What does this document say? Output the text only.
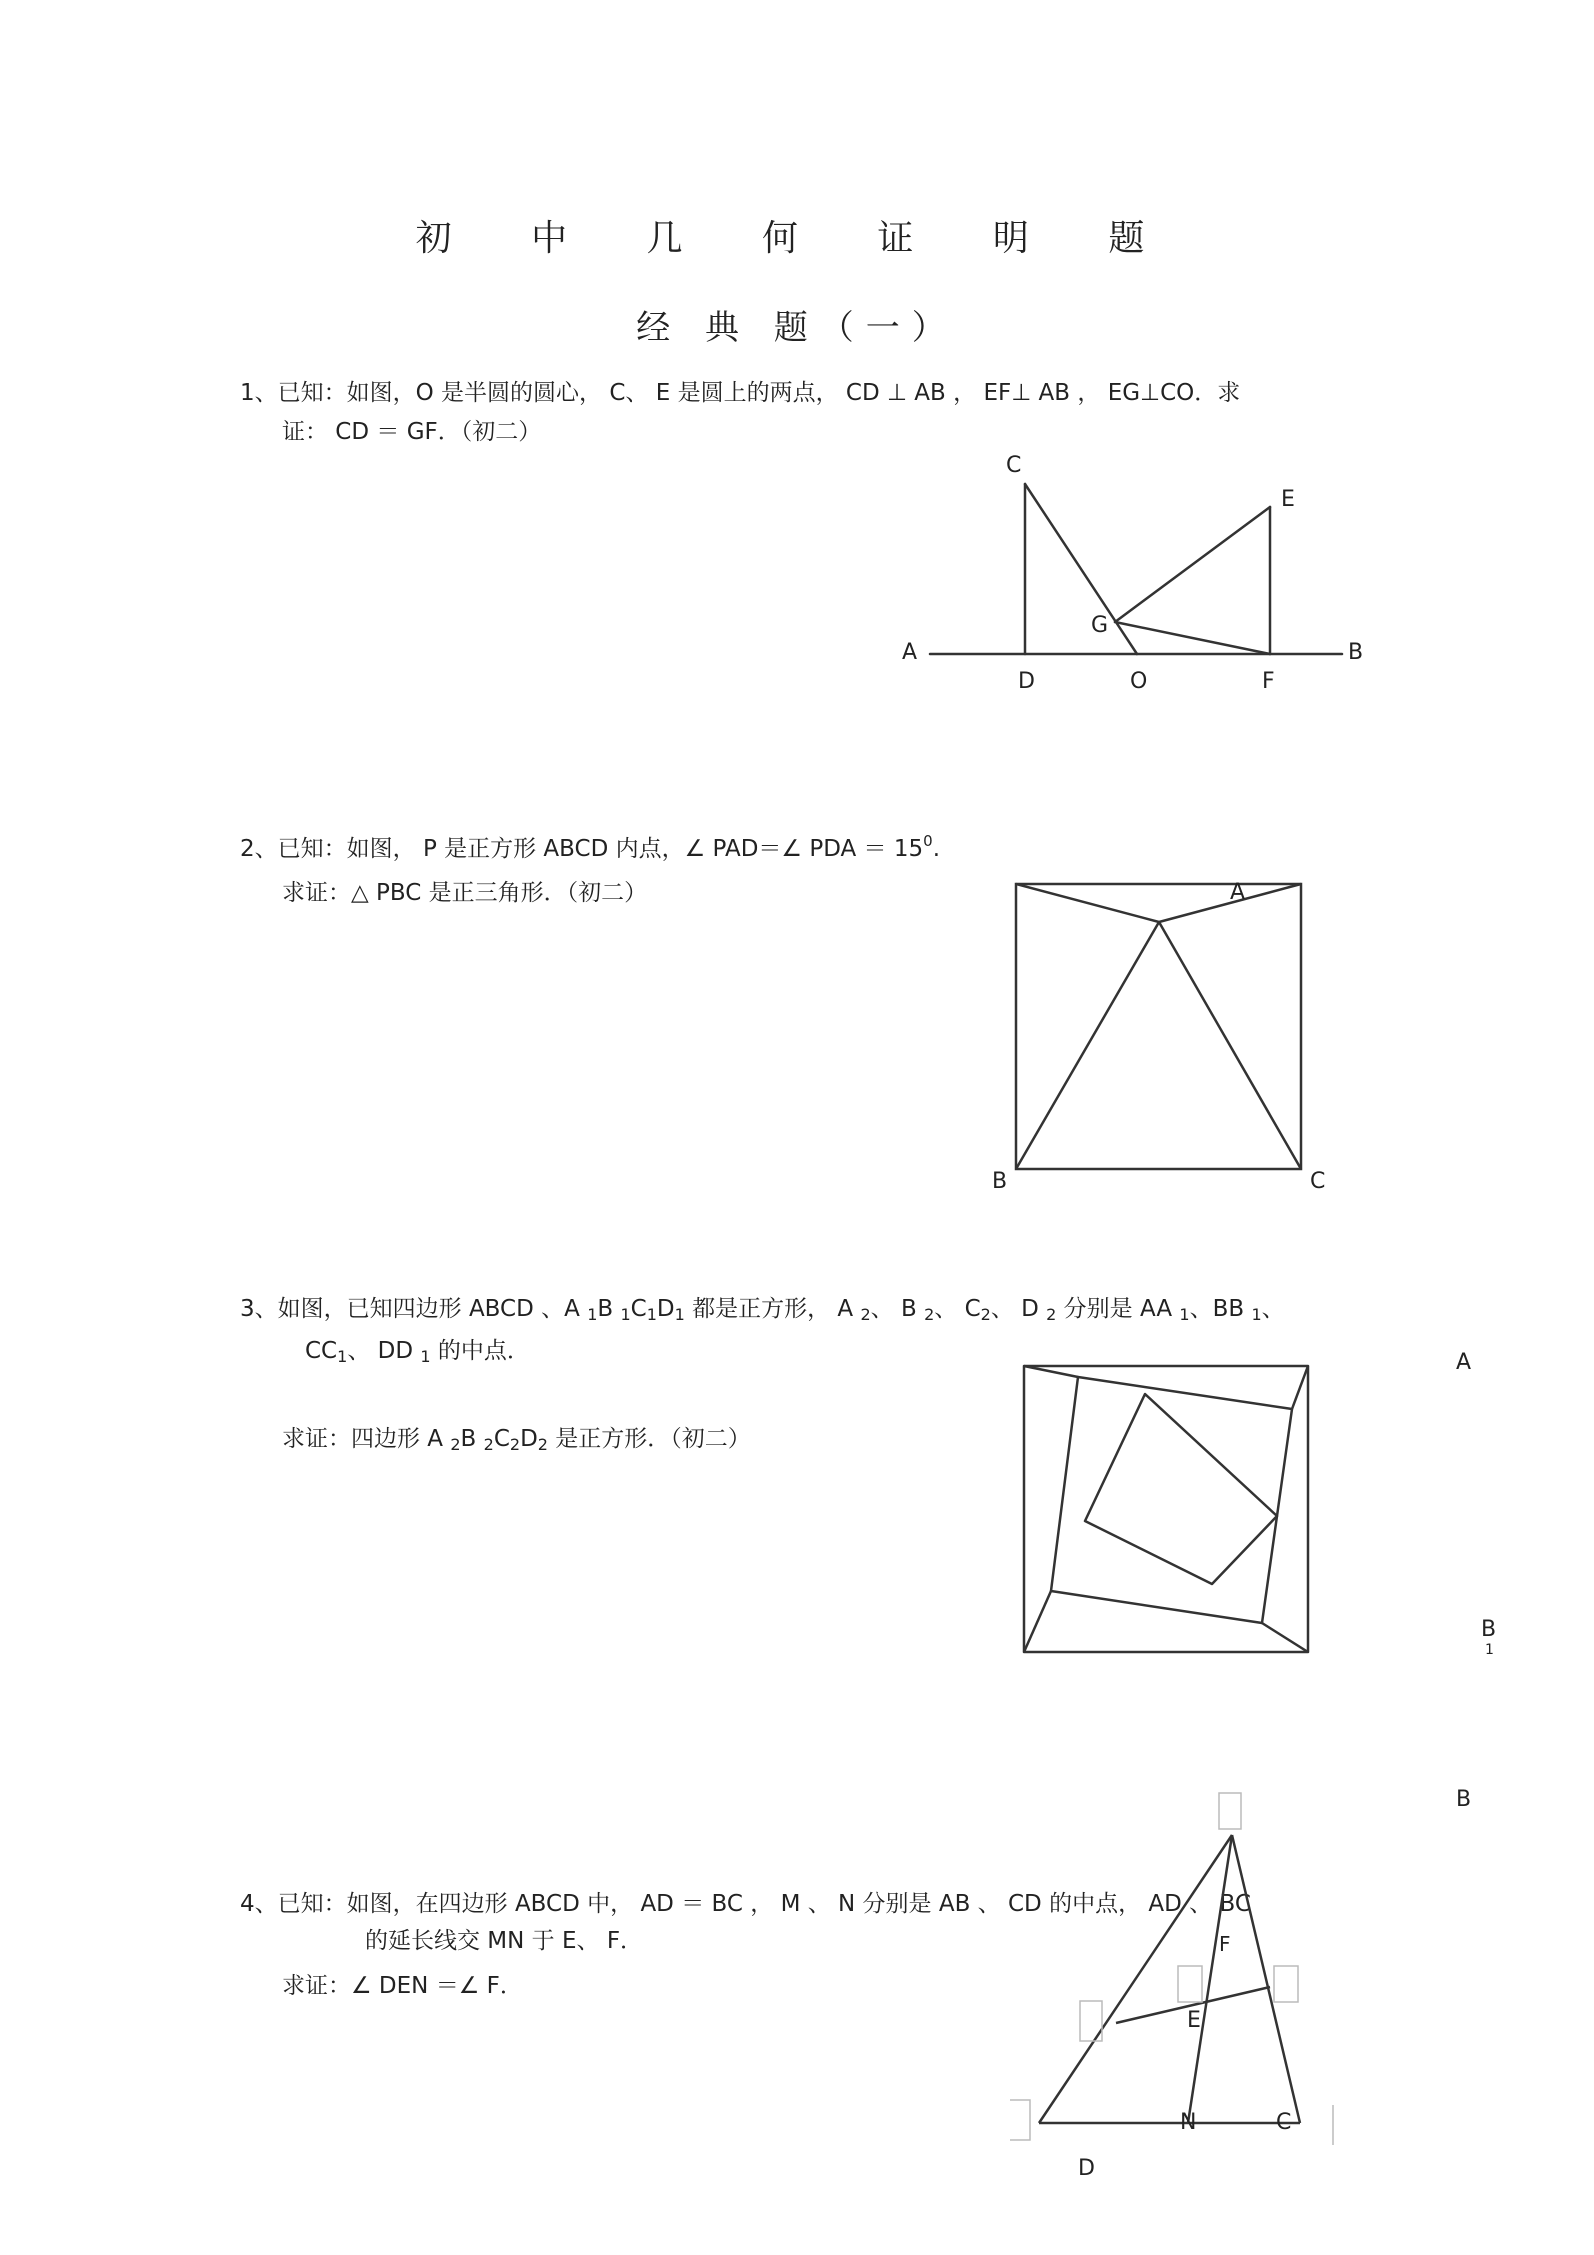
初 中 几 何 证 明 题
经 典 题（一）
1、已知：如图，O 是半圆的圆心， C、 E 是圆上的两点， CD ⊥ AB ， EF⊥ AB ， EG⊥CO．求
证： CD ＝ GF．（初二）
2、已知：如图， P 是正方形 ABCD 内点，∠ PAD＝∠ PDA ＝ $15^0$.
求证：△ PBC 是正三角形．（初二）
3、如图，已知四边形 ABCD 、A $_1$B $_1C_1D_1$ 都是正方形， A $_2$、 B $_2$、 $C_2$、 D $_2$ 分别是 AA $_1$、BB $_1$、
$CC_1$、 DD $_1$ 的中点．
求证：四边形 A $_2$B $_2C_2D_2$ 是正方形．（初二）
4、已知：如图，在四边形 ABCD 中， AD ＝ BC ， M 、 N 分别是 AB 、 CD 的中点， AD 、 BC
的延长线交 MN 于 E、 F．
求证：∠ DEN ＝∠ F．
C
E
G
A	B
D	O	F
A
B	C
A
B
1
B
F
E
N	C
D
